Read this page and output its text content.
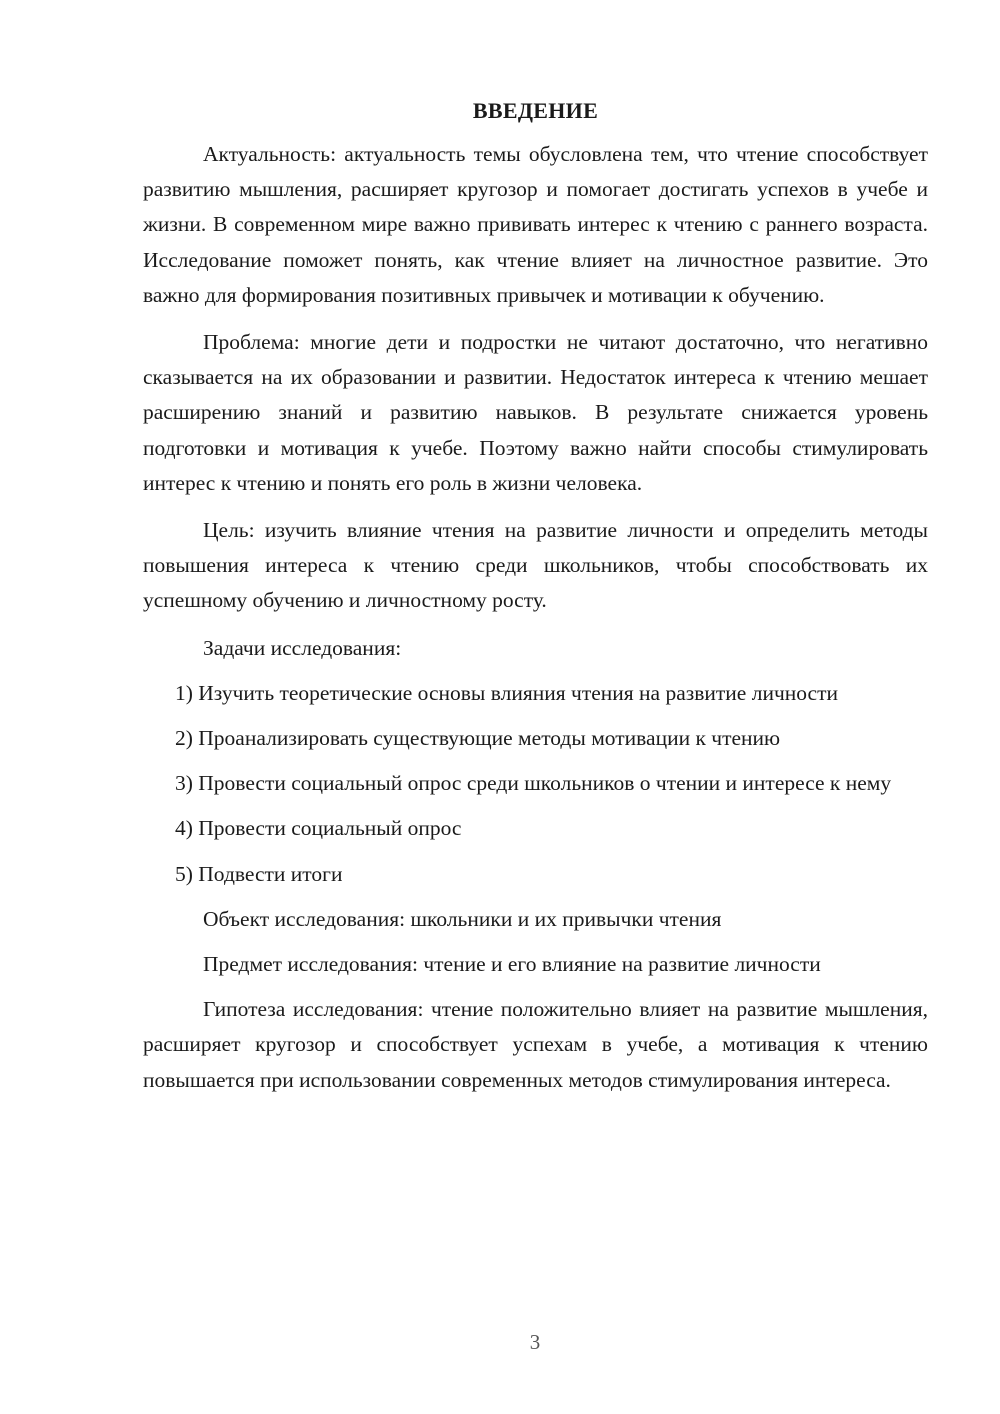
ВВЕДЕНИЕ

Актуальность: актуальность темы обусловлена тем, что чтение способствует развитию мышления, расширяет кругозор и помогает достигать успехов в учебе и жизни. В современном мире важно прививать интерес к чтению с раннего возраста. Исследование поможет понять, как чтение влияет на личностное развитие. Это важно для формирования позитивных привычек и мотивации к обучению.

Проблема: многие дети и подростки не читают достаточно, что негативно сказывается на их образовании и развитии. Недостаток интереса к чтению мешает расширению знаний и развитию навыков. В результате снижается уровень подготовки и мотивация к учебе. Поэтому важно найти способы стимулировать интерес к чтению и понять его роль в жизни человека.

Цель: изучить влияние чтения на развитие личности и определить методы повышения интереса к чтению среди школьников, чтобы способствовать их успешному обучению и личностному росту.

Задачи исследования:

1) Изучить теоретические основы влияния чтения на развитие личности

2) Проанализировать существующие методы мотивации к чтению

3) Провести социальный опрос среди школьников о чтении и интересе к нему

4) Провести социальный опрос

5) Подвести итоги

Объект исследования: школьники и их привычки чтения

Предмет исследования: чтение и его влияние на развитие личности

Гипотеза исследования: чтение положительно влияет на развитие мышления, расширяет кругозор и способствует успехам в учебе, а мотивация к чтению повышается при использовании современных методов стимулирования интереса.

3
